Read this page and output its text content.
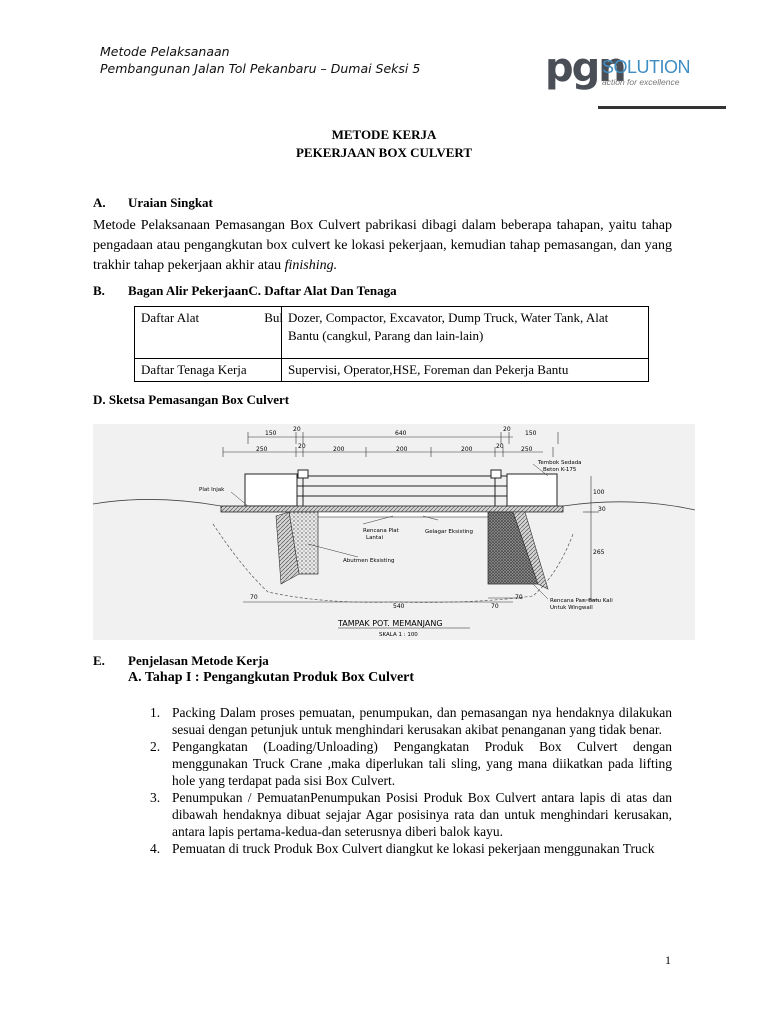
Metode Pelaksanaan
Pembangunan Jalan Tol Pekanbaru – Dumai Seksi 5	pgn
SOLUTION
action for excellence
METODE KERJA
PEKERJAAN BOX CULVERT
A. Uraian Singkat
Metode Pelaksanaan Pemasangan Box Culvert pabrikasi dibagi dalam beberapa tahapan, yaitu tahap pengadaan atau pengangkutan box culvert ke lokasi pekerjaan, kemudian tahap pemasangan, dan yang trakhir tahap pekerjaan akhir atau finishing.
B. Bagan Alir PekerjaanC. Daftar Alat Dan Tenaga
Daftar Alat Bul	Dozer, Compactor, Excavator, Dump Truck, Water Tank, Alat Bantu (cangkul, Parang dan lain-lain)
Daftar Tenaga Kerja	Supervisi, Operator,HSE, Foreman dan Pekerja Bantu
D. Sketsa Pemasangan Box Culvert
150
20
640
20
150
250	20	200	200	200	20	250
Tembok Sedada
Beton K-175
Plat Injak
Rencana Plat
Lantai
Gelagar Eksisting
Abutmen Eksisting
Rencana Pas. Batu Kali
Untuk Wingwall
100
30
265
70
540	70
70
TAMPAK POT. MEMANJANG
SKALA 1 : 100
E. Penjelasan Metode Kerja
A. Tahap I : Pengangkutan Produk Box Culvert
1. Packing Dalam proses pemuatan, penumpukan, dan pemasangan nya hendaknya dilakukan sesuai dengan petunjuk untuk menghindari kerusakan akibat penanganan yang tidak benar.
2. Pengangkatan (Loading/Unloading) Pengangkatan Produk Box Culvert dengan menggunakan Truck Crane ,maka diperlukan tali sling, yang mana diikatkan pada lifting hole yang terdapat pada sisi Box Culvert.
3. Penumpukan / PemuatanPenumpukan Posisi Produk Box Culvert antara lapis di atas dan dibawah hendaknya dibuat sejajar Agar posisinya rata dan untuk menghindari kerusakan, antara lapis pertama-kedua-dan seterusnya diberi balok kayu.
4. Pemuatan di truck Produk Box Culvert diangkut ke lokasi pekerjaan menggunakan Truck
1
